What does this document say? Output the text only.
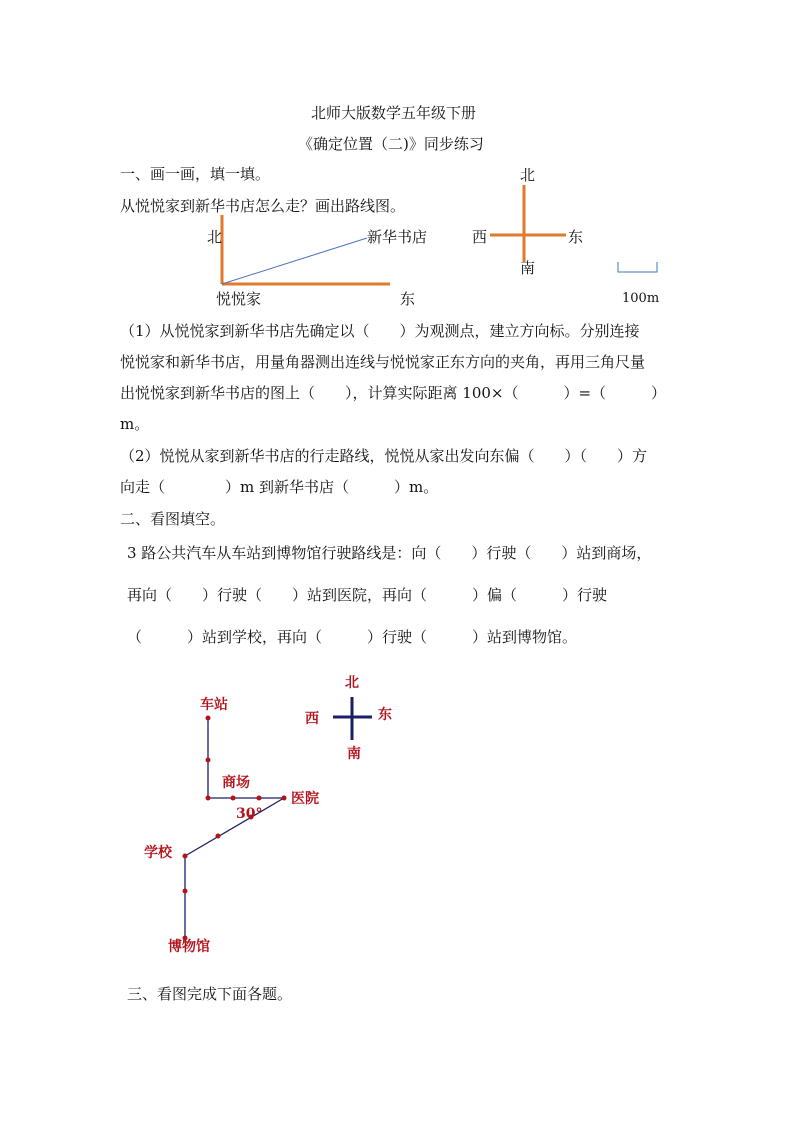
北师大版数学五年级下册
《确定位置（二)》同步练习
一、画一画，填一填。
从悦悦家到新华书店怎么走？画出路线图。
北	新华书店
悦悦家	东
北
西	东
南
100m
（1）从悦悦家到新华书店先确定以（　　）为观测点，建立方向标。分别连接
悦悦家和新华书店，用量角器测出连线与悦悦家正东方向的夹角，再用三角尺量
出悦悦家到新华书店的图上（　　），计算实际距离 100×（　　　）=（　　　）
m。
（2）悦悦从家到新华书店的行走路线，悦悦从家出发向东偏（　　）（　　）方
向走（　　　　）m 到新华书店（　　　）m。
二、看图填空。
3 路公共汽车从车站到博物馆行驶路线是：向（　　）行驶（　　）站到商场，
再向（　　）行驶（　　）站到医院，再向（　　　）偏（　　　）行驶
（　　　）站到学校，再向（　　　）行驶（　　　）站到博物馆。
北
西	东
南
车站
商场
医院
30°
学校
博物馆
三、看图完成下面各题。
